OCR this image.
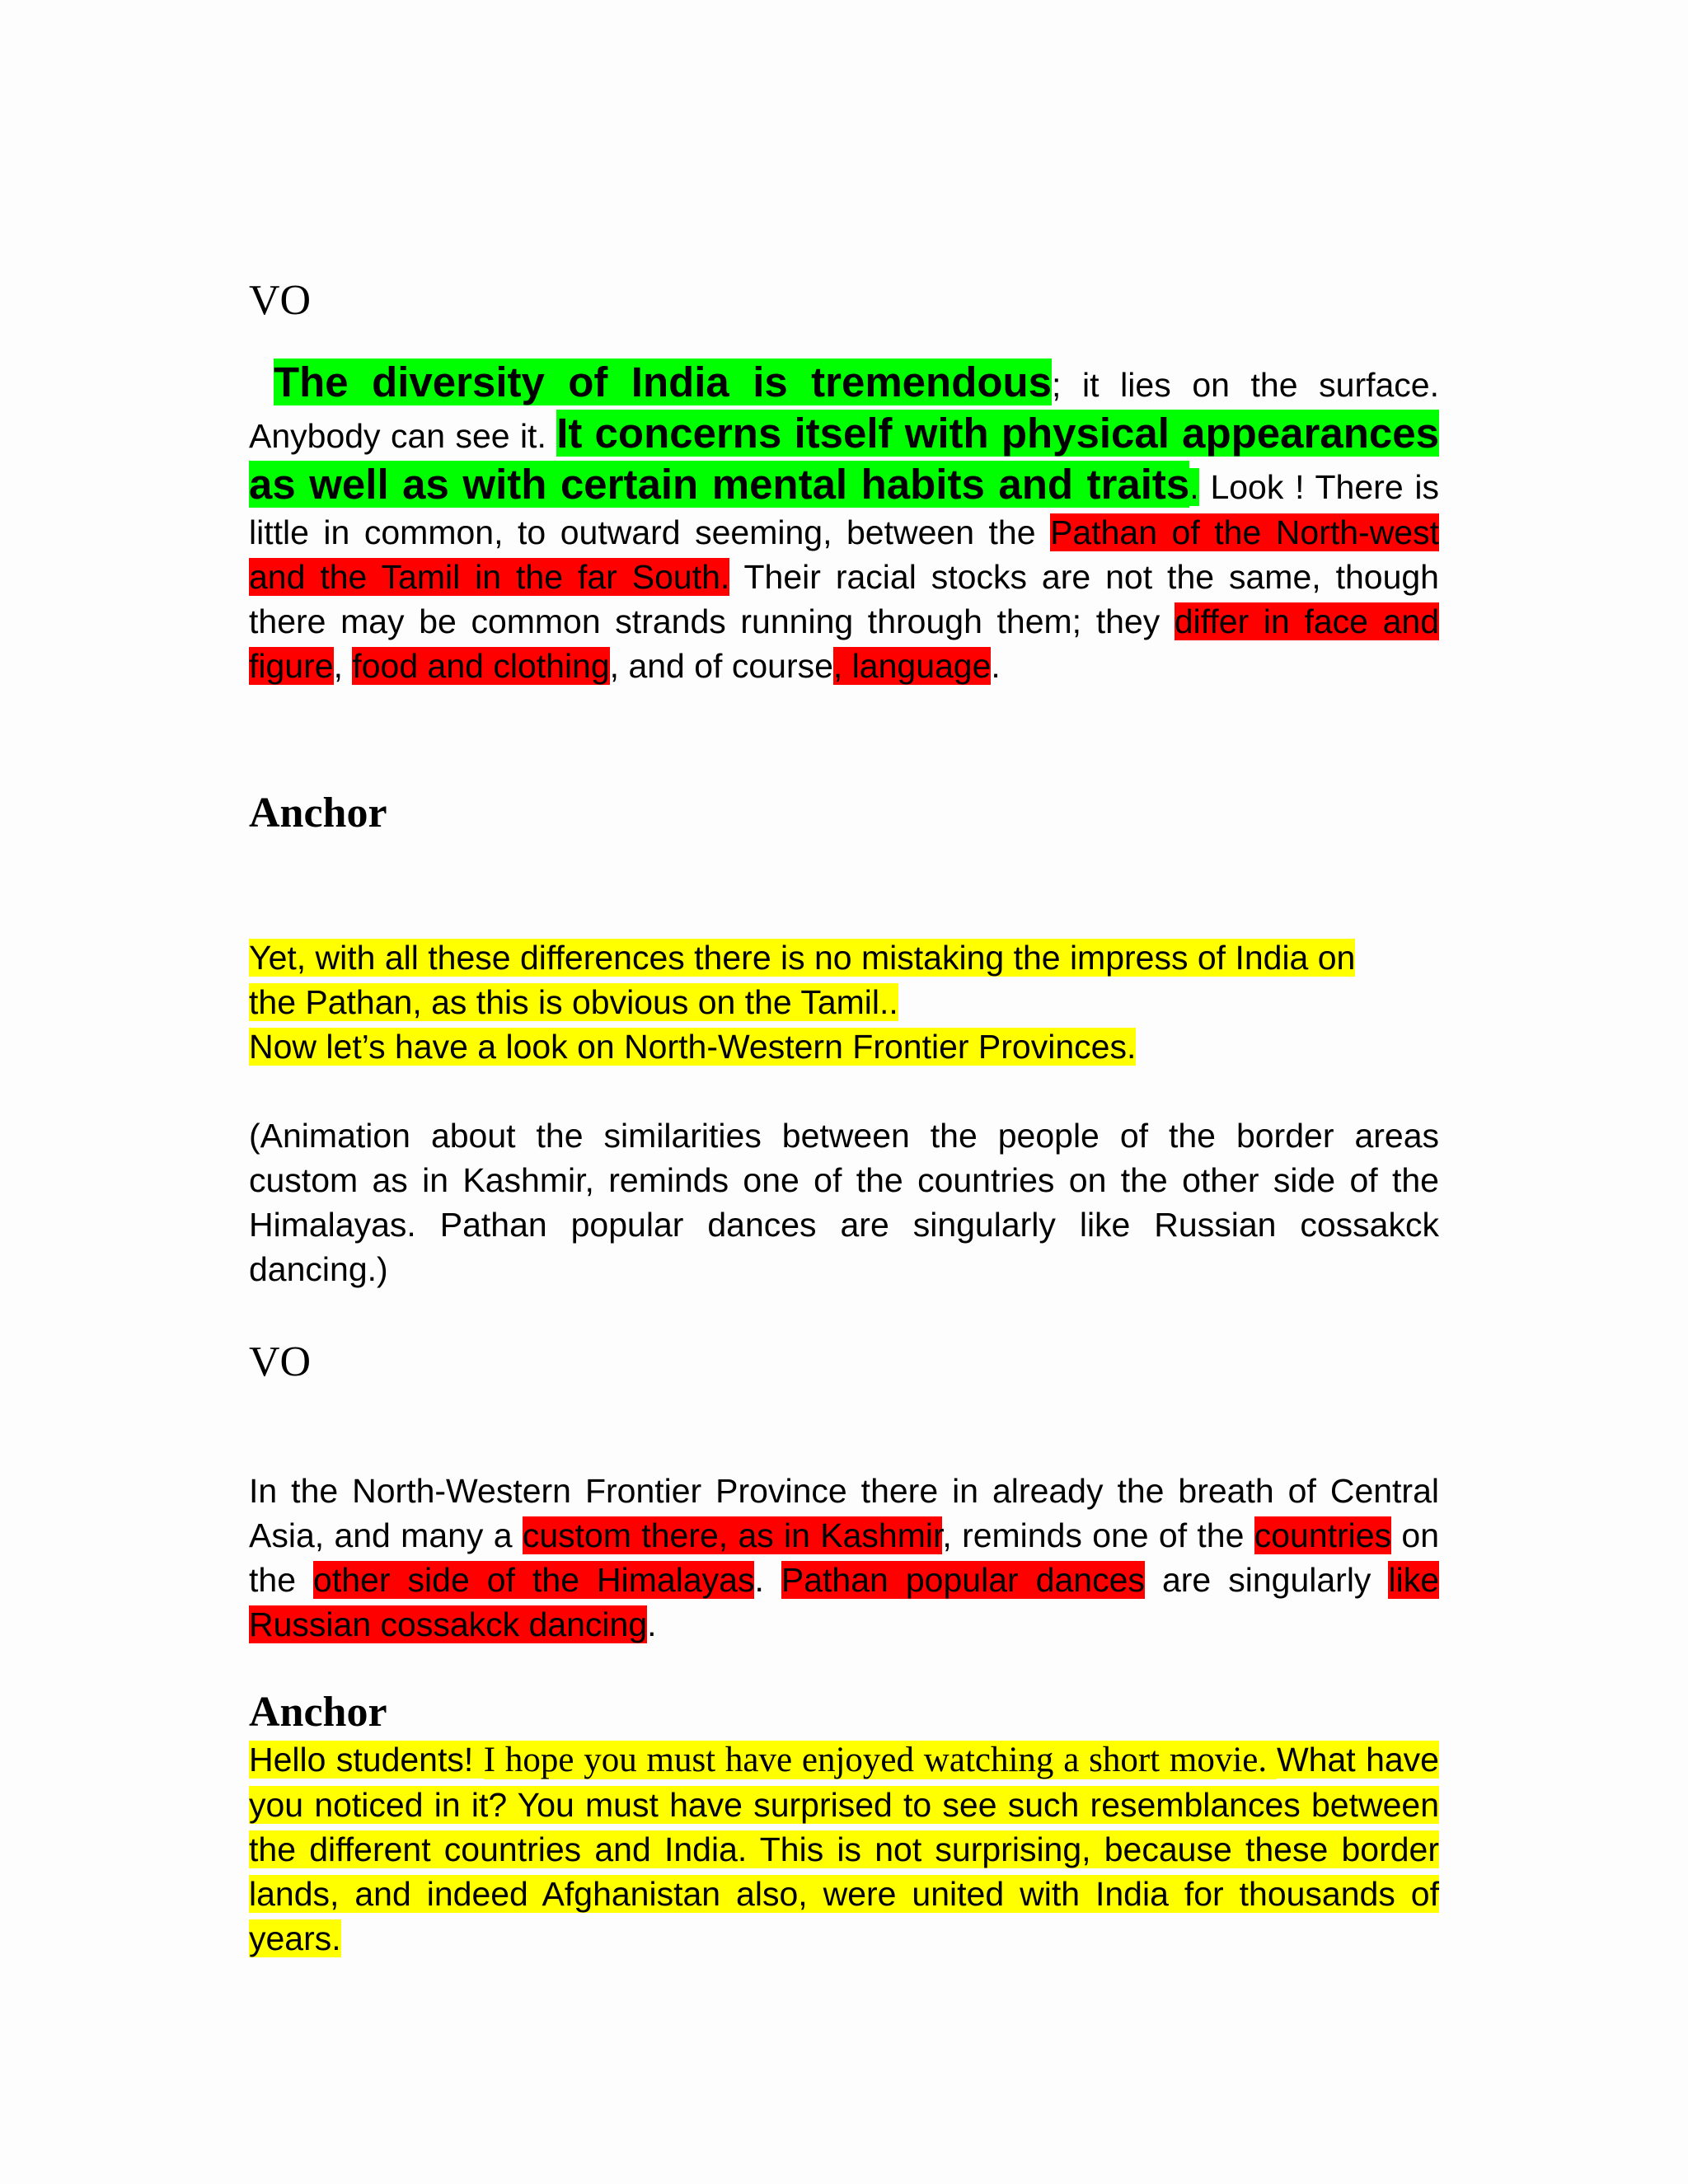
VO

The diversity of India is tremendous; it lies on the surface. Anybody can see it. It concerns itself with physical appearances as well as with certain mental habits and traits. Look ! There is little in common, to outward seeming, between the Pathan of the North-west and the Tamil in the far South. Their racial stocks are not the same, though there may be common strands running through them; they differ in face and figure, food and clothing, and of course, language.

Anchor

Yet, with all these differences there is no mistaking the impress of India on the Pathan, as this is obvious on the Tamil..
Now let’s have a look on North-Western Frontier Provinces.

(Animation about the similarities between the people of the border areas custom as in Kashmir, reminds one of the countries on the other side of the Himalayas. Pathan popular dances are singularly like Russian cossakck dancing.)

VO

In the North-Western Frontier Province there in already the breath of Central Asia, and many a custom there, as in Kashmir, reminds one of the countries on the other side of the Himalayas. Pathan popular dances are singularly like Russian cossakck dancing.

Anchor

Hello students! I hope you must have enjoyed watching a short movie. What have you noticed in it? You must have surprised to see such resemblances between the different countries and India. This is not surprising, because these border lands, and indeed Afghanistan also, were united with India for thousands of years.
